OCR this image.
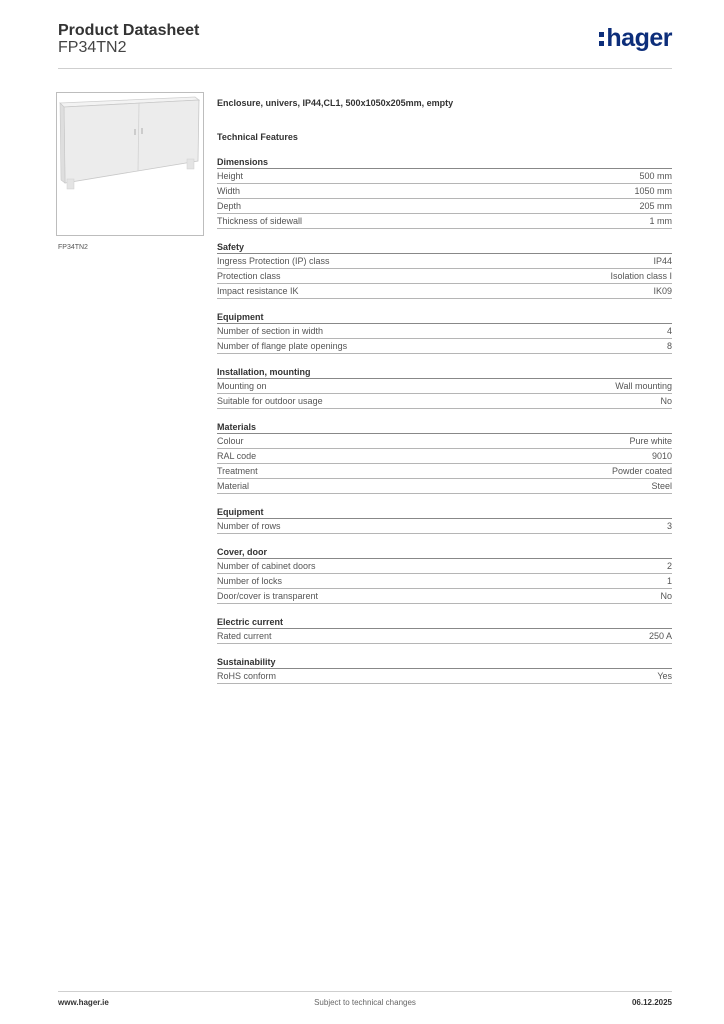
Product Datasheet
FP34TN2	hager
FP34TN2
Enclosure, univers, IP44,CL1, 500x1050x205mm, empty
Technical Features
Dimensions
Height	500 mm
Width	1050 mm
Depth	205 mm
Thickness of sidewall	1 mm
Safety
Ingress Protection (IP) class	IP44
Protection class	Isolation class I
Impact resistance IK	IK09
Equipment
Number of section in width	4
Number of flange plate openings	8
Installation, mounting
Mounting on	Wall mounting
Suitable for outdoor usage	No
Materials
Colour	Pure white
RAL code	9010
Treatment	Powder coated
Material	Steel
Equipment
Number of rows	3
Cover, door
Number of cabinet doors	2
Number of locks	1
Door/cover is transparent	No
Electric current
Rated current	250 A
Sustainability
RoHS conform	Yes
www.hager.ie	Subject to technical changes	06.12.2025
